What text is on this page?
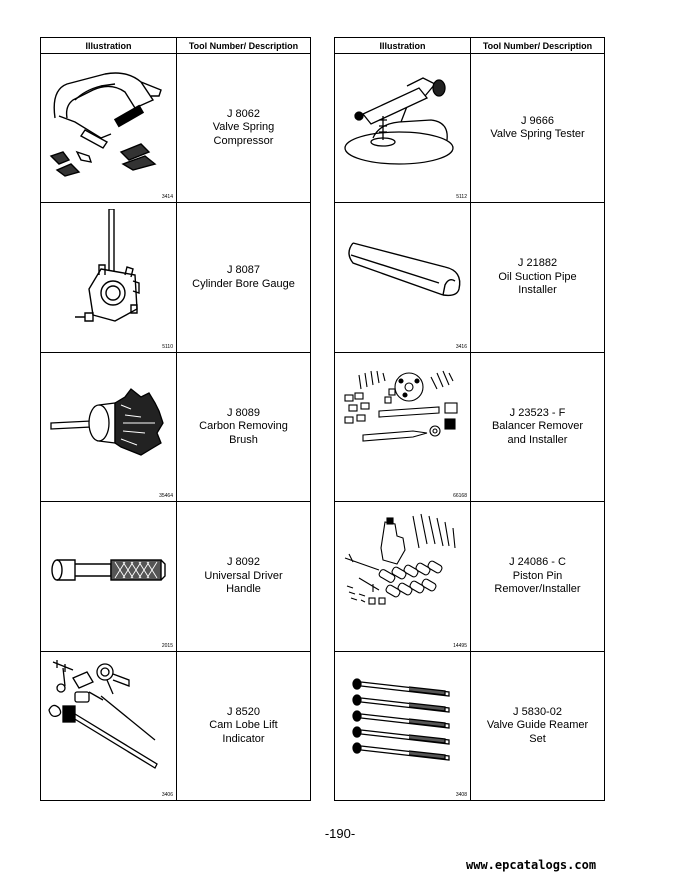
Illustration	Tool Number/ Description

3414	J 8062
Valve Spring
Compressor

5110	J 8087
Cylinder Bore Gauge

35464	J 8089
Carbon Removing
Brush

2015	J 8092
Universal Driver
Handle

3406	J 8520
Cam Lobe Lift
Indicator
Illustration	Tool Number/ Description

5112	J 9666
Valve Spring Tester

3416	J 21882
Oil Suction Pipe
Installer

66168	J 23523 - F
Balancer Remover
and Installer

14495	J 24086 - C
Piston Pin
Remover/Installer

3408	J 5830-02
Valve Guide Reamer
Set
-190-
www.epcatalogs.com
